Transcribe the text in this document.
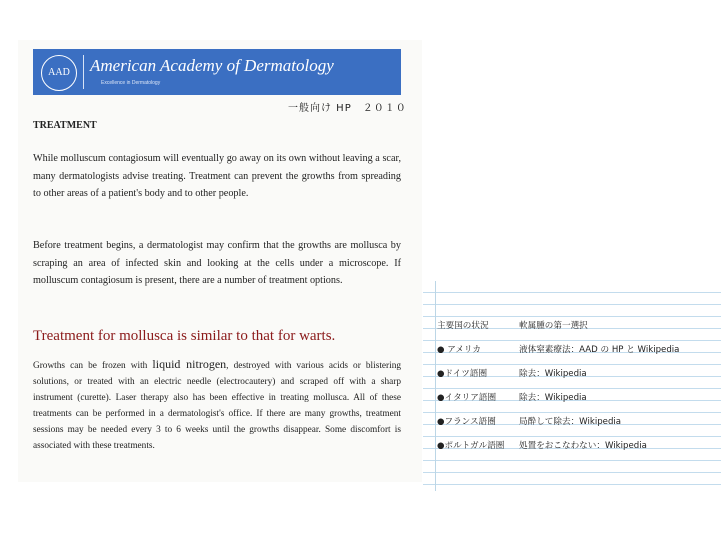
AAD	American Academy of Dermatology
Excellence in Dermatology
一般向け HP　２０１０
TREATMENT

While molluscum contagiosum will eventually go away on its own without leaving a scar, many dermatologists advise treating. Treatment can prevent the growths from spreading to other areas of a patient's body and to other people.

Before treatment begins, a dermatologist may confirm that the growths are mollusca by scraping an area of infected skin and looking at the cells under a microscope. If molluscum contagiosum is present, there are a number of treatment options.

Treatment for mollusca is similar to that for warts.

Growths can be frozen with liquid nitrogen, destroyed with various acids or blistering solutions, or treated with an electric needle (electrocautery) and scraped off with a sharp instrument (curette). Laser therapy also has been effective in treating mollusca. All of these treatments can be performed in a dermatologist's office. If there are many growths, treatment sessions may be needed every 3 to 6 weeks until the growths disappear. Some discomfort is associated with these treatments.

主要国の状況	軟属腫の第一選択
● アメリカ	液体窒素療法：AAD の HP と Wikipedia
●ドイツ語圏	除去：Wikipedia
●イタリア語圏	除去：Wikipedia
●フランス語圏	局酔して除去：Wikipedia
●ポルトガル語圏	処置をおこなわない：Wikipedia
